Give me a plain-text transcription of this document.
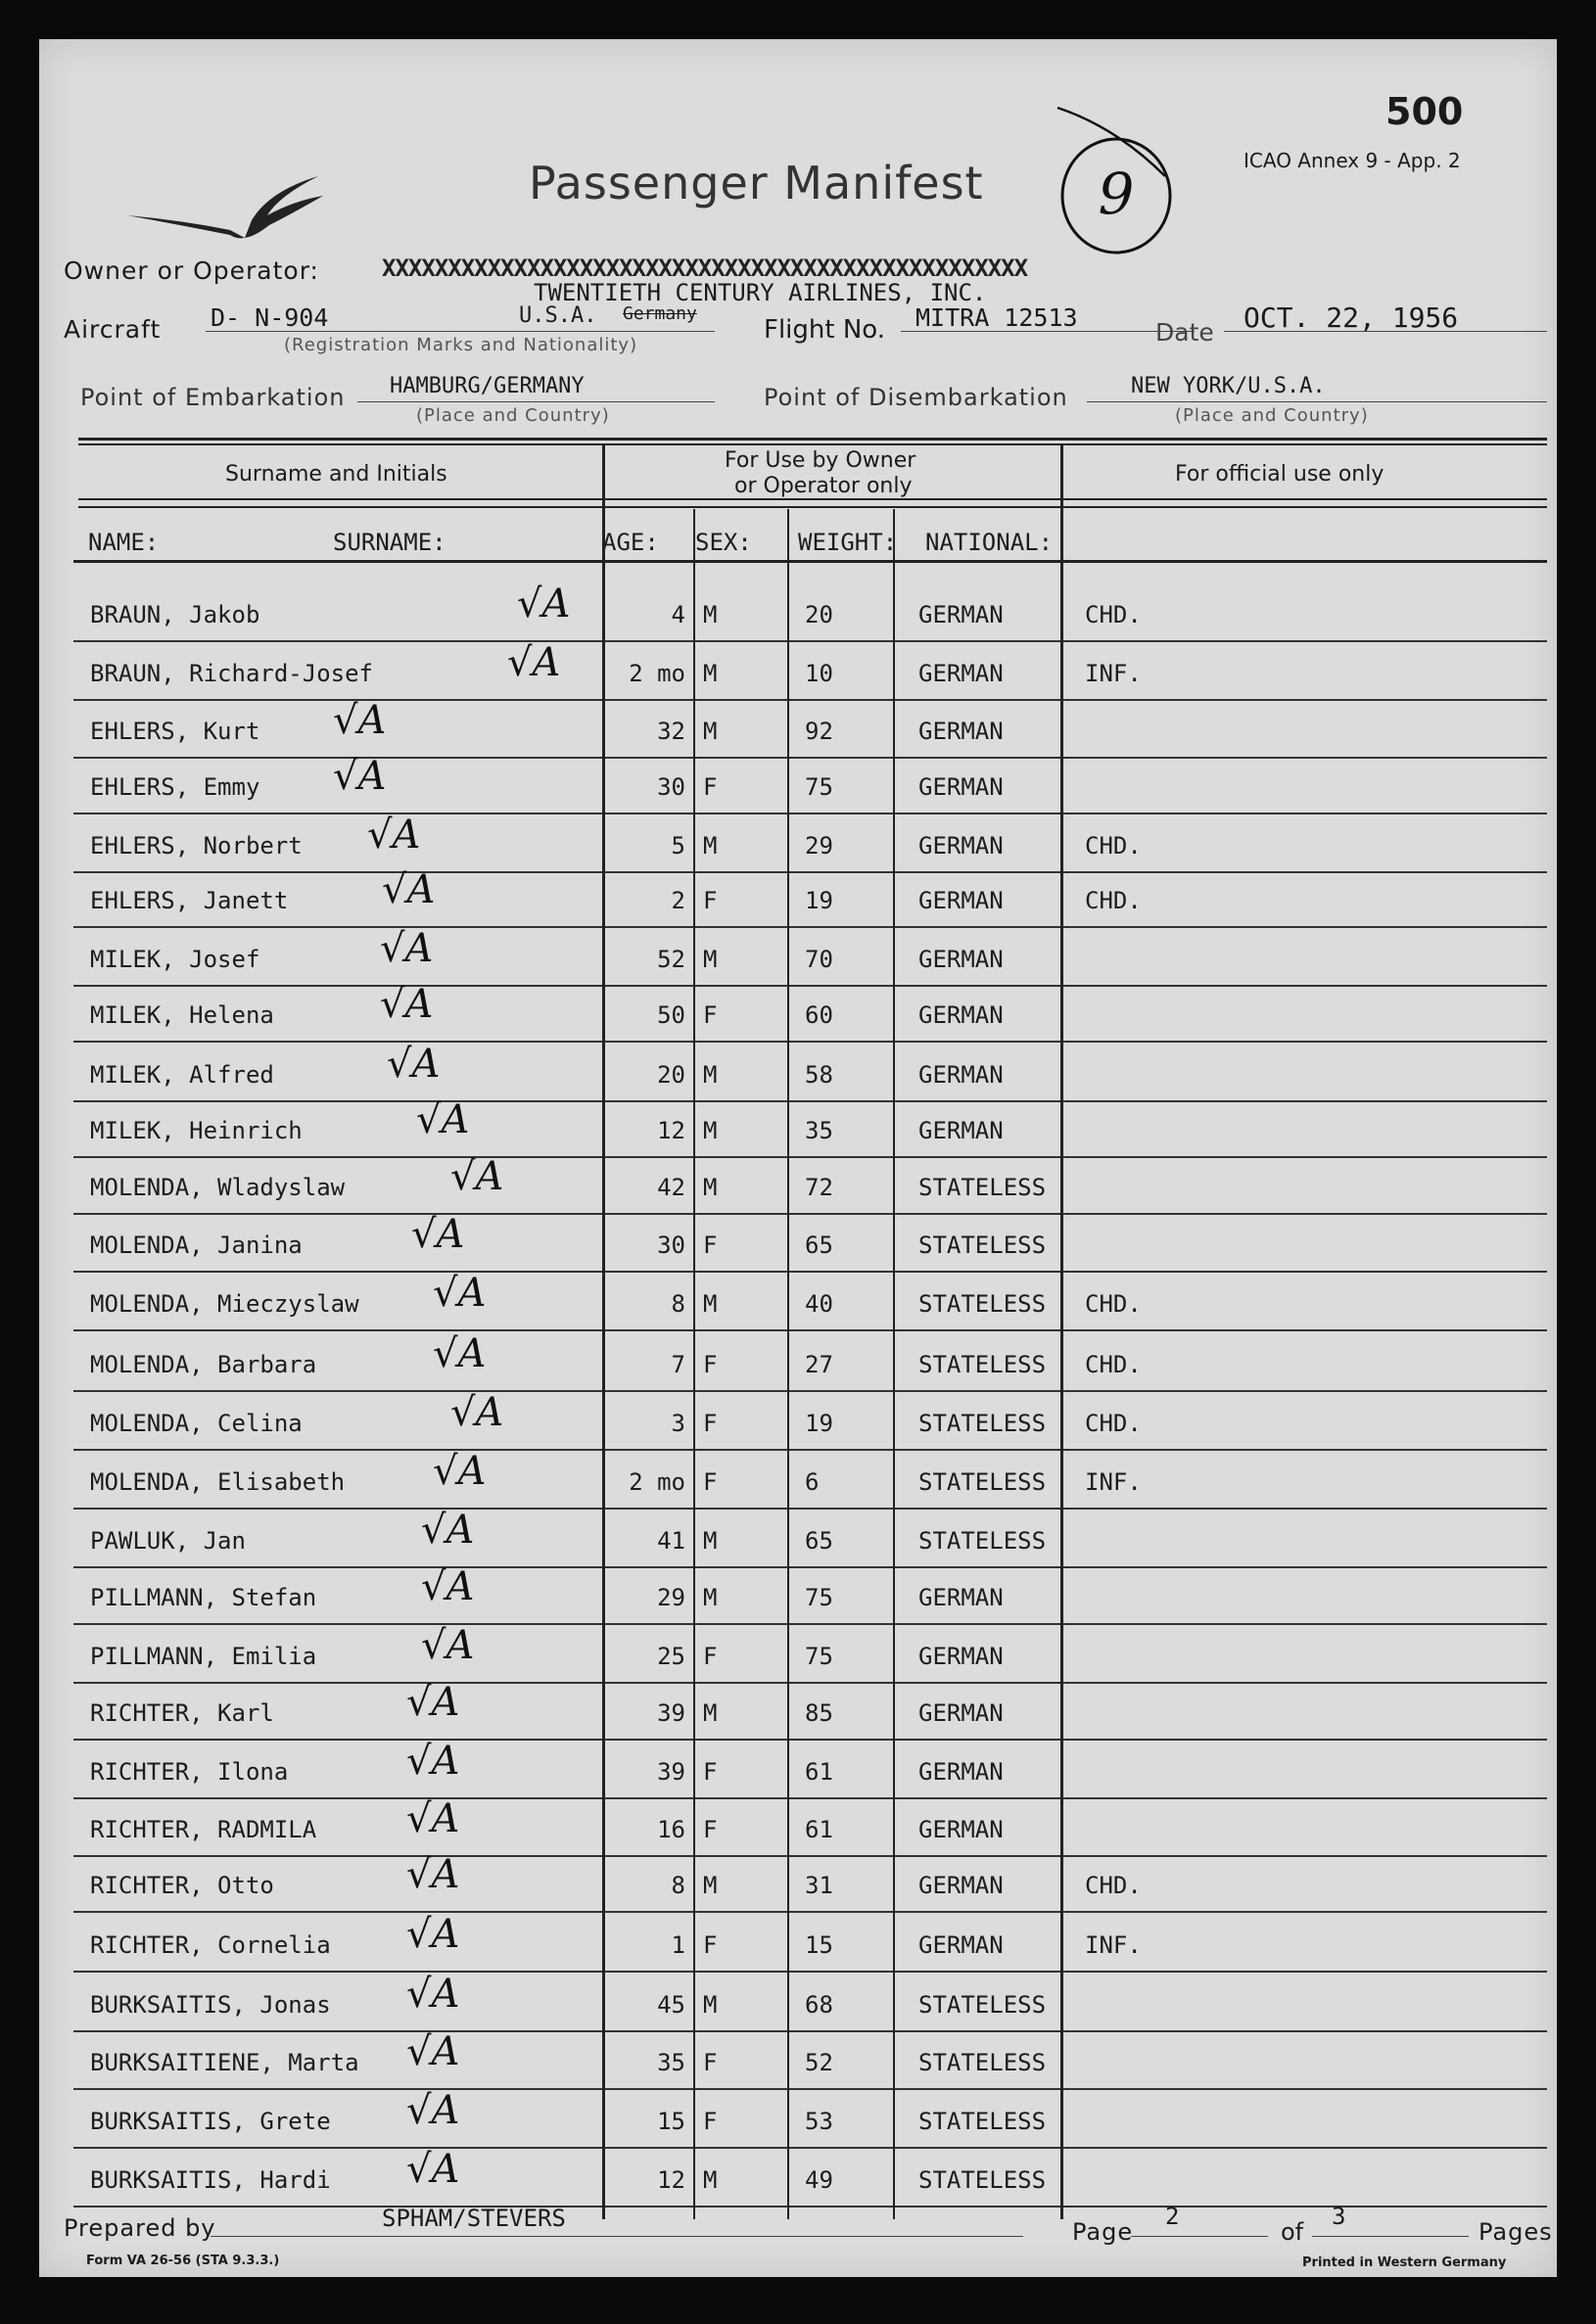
500
ICAO Annex 9 - App. 2
Passenger Manifest 9
Owner or Operator:	XXXXXXXXXXXXXXXXXXXXXXXXXXXXXXXXXXXXXXXXXXXXXXXXX
TWENTIETH CENTURY AIRLINES, INC.
Aircraft D- N-904	U.S.A. Germany
(Registration Marks and Nationality)
Flight No. MITRA 12513
Date OCT. 22, 1956
Point of Embarkation HAMBURG/GERMANY
(Place and Country)
Point of Disembarkation	NEW YORK/U.S.A.
(Place and Country)
Surname and Initials
For Use by Owner
or Operator only	For official use only
NAME:	SURNAME:	AGE: SEX: WEIGHT: NATIONAL:
BRAUN, Jakob	4 M	20	GERMAN	CHD.
√A
BRAUN, Richard-Josef	2 mo M	10	GERMAN	INF.
√A
EHLERS, Kurt	32 M	92	GERMAN
√A
EHLERS, Emmy	30 F	75	GERMAN
√A
EHLERS, Norbert	5 M	29	GERMAN	CHD.
√A
EHLERS, Janett	2 F	19	GERMAN	CHD.
√A
MILEK, Josef	52 M	70	GERMAN
√A
MILEK, Helena	50 F	60	GERMAN
√A
MILEK, Alfred	20 M	58	GERMAN
√A
MILEK, Heinrich	12 M	35	GERMAN
√A
MOLENDA, Wladyslaw	42 M	72	STATELESS
√A
MOLENDA, Janina	30 F	65	STATELESS
√A
MOLENDA, Mieczyslaw	8 M	40	STATELESS CHD.
√A
MOLENDA, Barbara	7 F	27	STATELESS CHD.
√A
MOLENDA, Celina	3 F	19	STATELESS CHD.
√A
MOLENDA, Elisabeth	2 mo F	6	STATELESS INF.
√A
PAWLUK, Jan	41 M	65	STATELESS
√A
PILLMANN, Stefan	29 M	75	GERMAN
√A
PILLMANN, Emilia	25 F	75	GERMAN
√A
RICHTER, Karl	39 M	85	GERMAN
√A
RICHTER, Ilona	39 F	61	GERMAN
√A
RICHTER, RADMILA	16 F	61	GERMAN
√A
RICHTER, Otto	8 M	31	GERMAN	CHD.
√A
RICHTER, Cornelia	1 F	15	GERMAN	INF.
√A
BURKSAITIS, Jonas	45 M	68	STATELESS
√A
BURKSAITIENE, Marta	35 F	52	STATELESS
√A
BURKSAITIS, Grete	15 F	53	STATELESS
√A
BURKSAITIS, Hardi	12 M	49	STATELESS
√A
Prepared by	SPHAM/STEVERS	Page
2
of
3
Pages
Form VA 26-56 (STA 9.3.3.)	Printed in Western Germany
